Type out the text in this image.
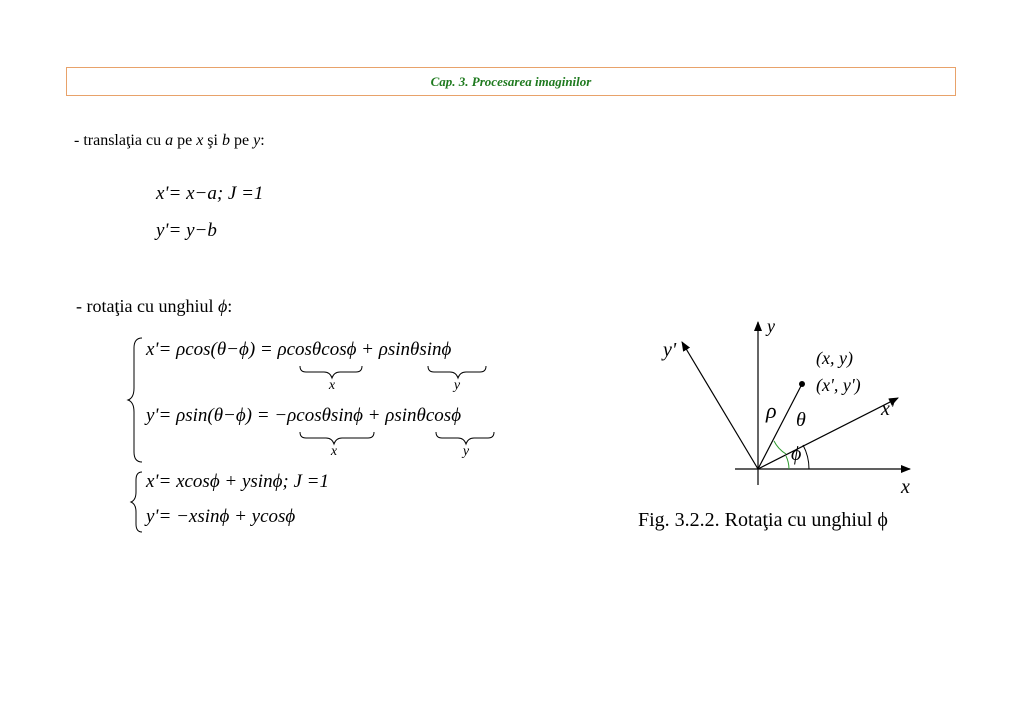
Cap. 3. Procesarea imaginilor
- translaţia cu a pe x şi b pe y:
x'= x−a; J =1
y'= y−b
- rotaţia cu unghiul ϕ:
x'= ρcos(θ−ϕ) = ρcosθcosϕ + ρsinθsinϕ
x	y
y'= ρsin(θ−ϕ) = −ρcosθsinϕ + ρsinθcosϕ
x	y
x'= xcosϕ + ysinϕ; J =1
y'= −xsinϕ + ycosϕ
y
x
y'
x'
(x, y)
(x', y')
ρ θ
ϕ
Fig. 3.2.2. Rotaţia cu unghiul ϕ
